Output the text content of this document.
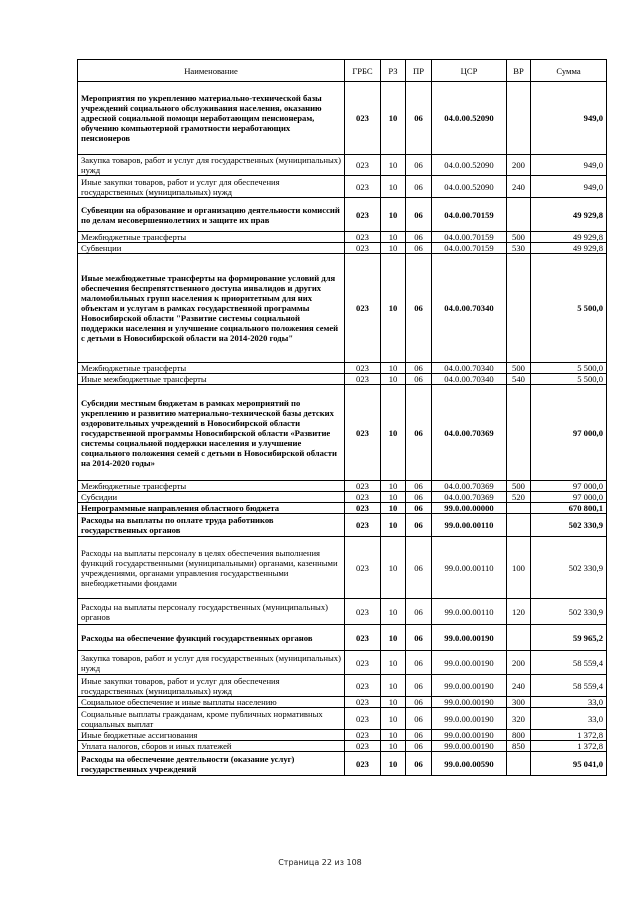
Наименование	ГРБС	РЗ	ПР	ЦСР	ВР	Сумма
Мероприятия по укреплению материально-технической базы учреждений социального обслуживания населения, оказанию адресной социальной помощи неработающим пенсионерам, обучению компьютерной грамотности неработающих пенсионеров	023	10	06	04.0.00.52090		949,0
Закупка товаров, работ и услуг для государственных (муниципальных) нужд	023	10	06	04.0.00.52090	200	949,0
Иные закупки товаров, работ и услуг для обеспечения государственных (муниципальных) нужд	023	10	06	04.0.00.52090	240	949,0
Субвенции на образование и организацию деятельности комиссий по делам несовершеннолетних и защите их прав	023	10	06	04.0.00.70159		49 929,8
Межбюджетные трансферты	023	10	06	04.0.00.70159	500	49 929,8
Субвенции	023	10	06	04.0.00.70159	530	49 929,8
Иные межбюджетные трансферты на формирование условий для обеспечения беспрепятственного доступа инвалидов и других маломобильных групп населения к приоритетным для них объектам и услугам в рамках государственной программы Новосибирской области "Развитие системы социальной поддержки населения и улучшение социального положения семей с детьми в Новосибирской области на 2014-2020 годы"	023	10	06	04.0.00.70340		5 500,0
Межбюджетные трансферты	023	10	06	04.0.00.70340	500	5 500,0
Иные межбюджетные трансферты	023	10	06	04.0.00.70340	540	5 500,0
Субсидии местным бюджетам в рамках мероприятий по укреплению и развитию материально-технической базы детских оздоровительных учреждений в Новосибирской области государственной программы Новосибирской области «Развитие системы социальной поддержки населения и улучшение социального положения семей с детьми в Новосибирской области на 2014-2020 годы»	023	10	06	04.0.00.70369		97 000,0
Межбюджетные трансферты	023	10	06	04.0.00.70369	500	97 000,0
Субсидии	023	10	06	04.0.00.70369	520	97 000,0
Непрограммные направления областного бюджета	023	10	06	99.0.00.00000		670 800,1
Расходы на выплаты по оплате труда работников государственных органов	023	10	06	99.0.00.00110		502 330,9
Расходы на выплаты персоналу в целях обеспечения выполнения функций государственными (муниципальными) органами, казенными учреждениями, органами управления государственными внебюджетными фондами	023	10	06	99.0.00.00110	100	502 330,9
Расходы на выплаты персоналу государственных (муниципальных) органов	023	10	06	99.0.00.00110	120	502 330,9
Расходы на обеспечение функций государственных органов	023	10	06	99.0.00.00190		59 965,2
Закупка товаров, работ и услуг для государственных (муниципальных) нужд	023	10	06	99.0.00.00190	200	58 559,4
Иные закупки товаров, работ и услуг для обеспечения государственных (муниципальных) нужд	023	10	06	99.0.00.00190	240	58 559,4
Социальное обеспечение и иные выплаты населению	023	10	06	99.0.00.00190	300	33,0
Социальные выплаты гражданам, кроме публичных нормативных социальных выплат	023	10	06	99.0.00.00190	320	33,0
Иные бюджетные ассигнования	023	10	06	99.0.00.00190	800	1 372,8
Уплата налогов, сборов и иных платежей	023	10	06	99.0.00.00190	850	1 372,8
Расходы на обеспечение деятельности (оказание услуг) государственных учреждений	023	10	06	99.0.00.00590		95 041,0
Страница 22 из 108
